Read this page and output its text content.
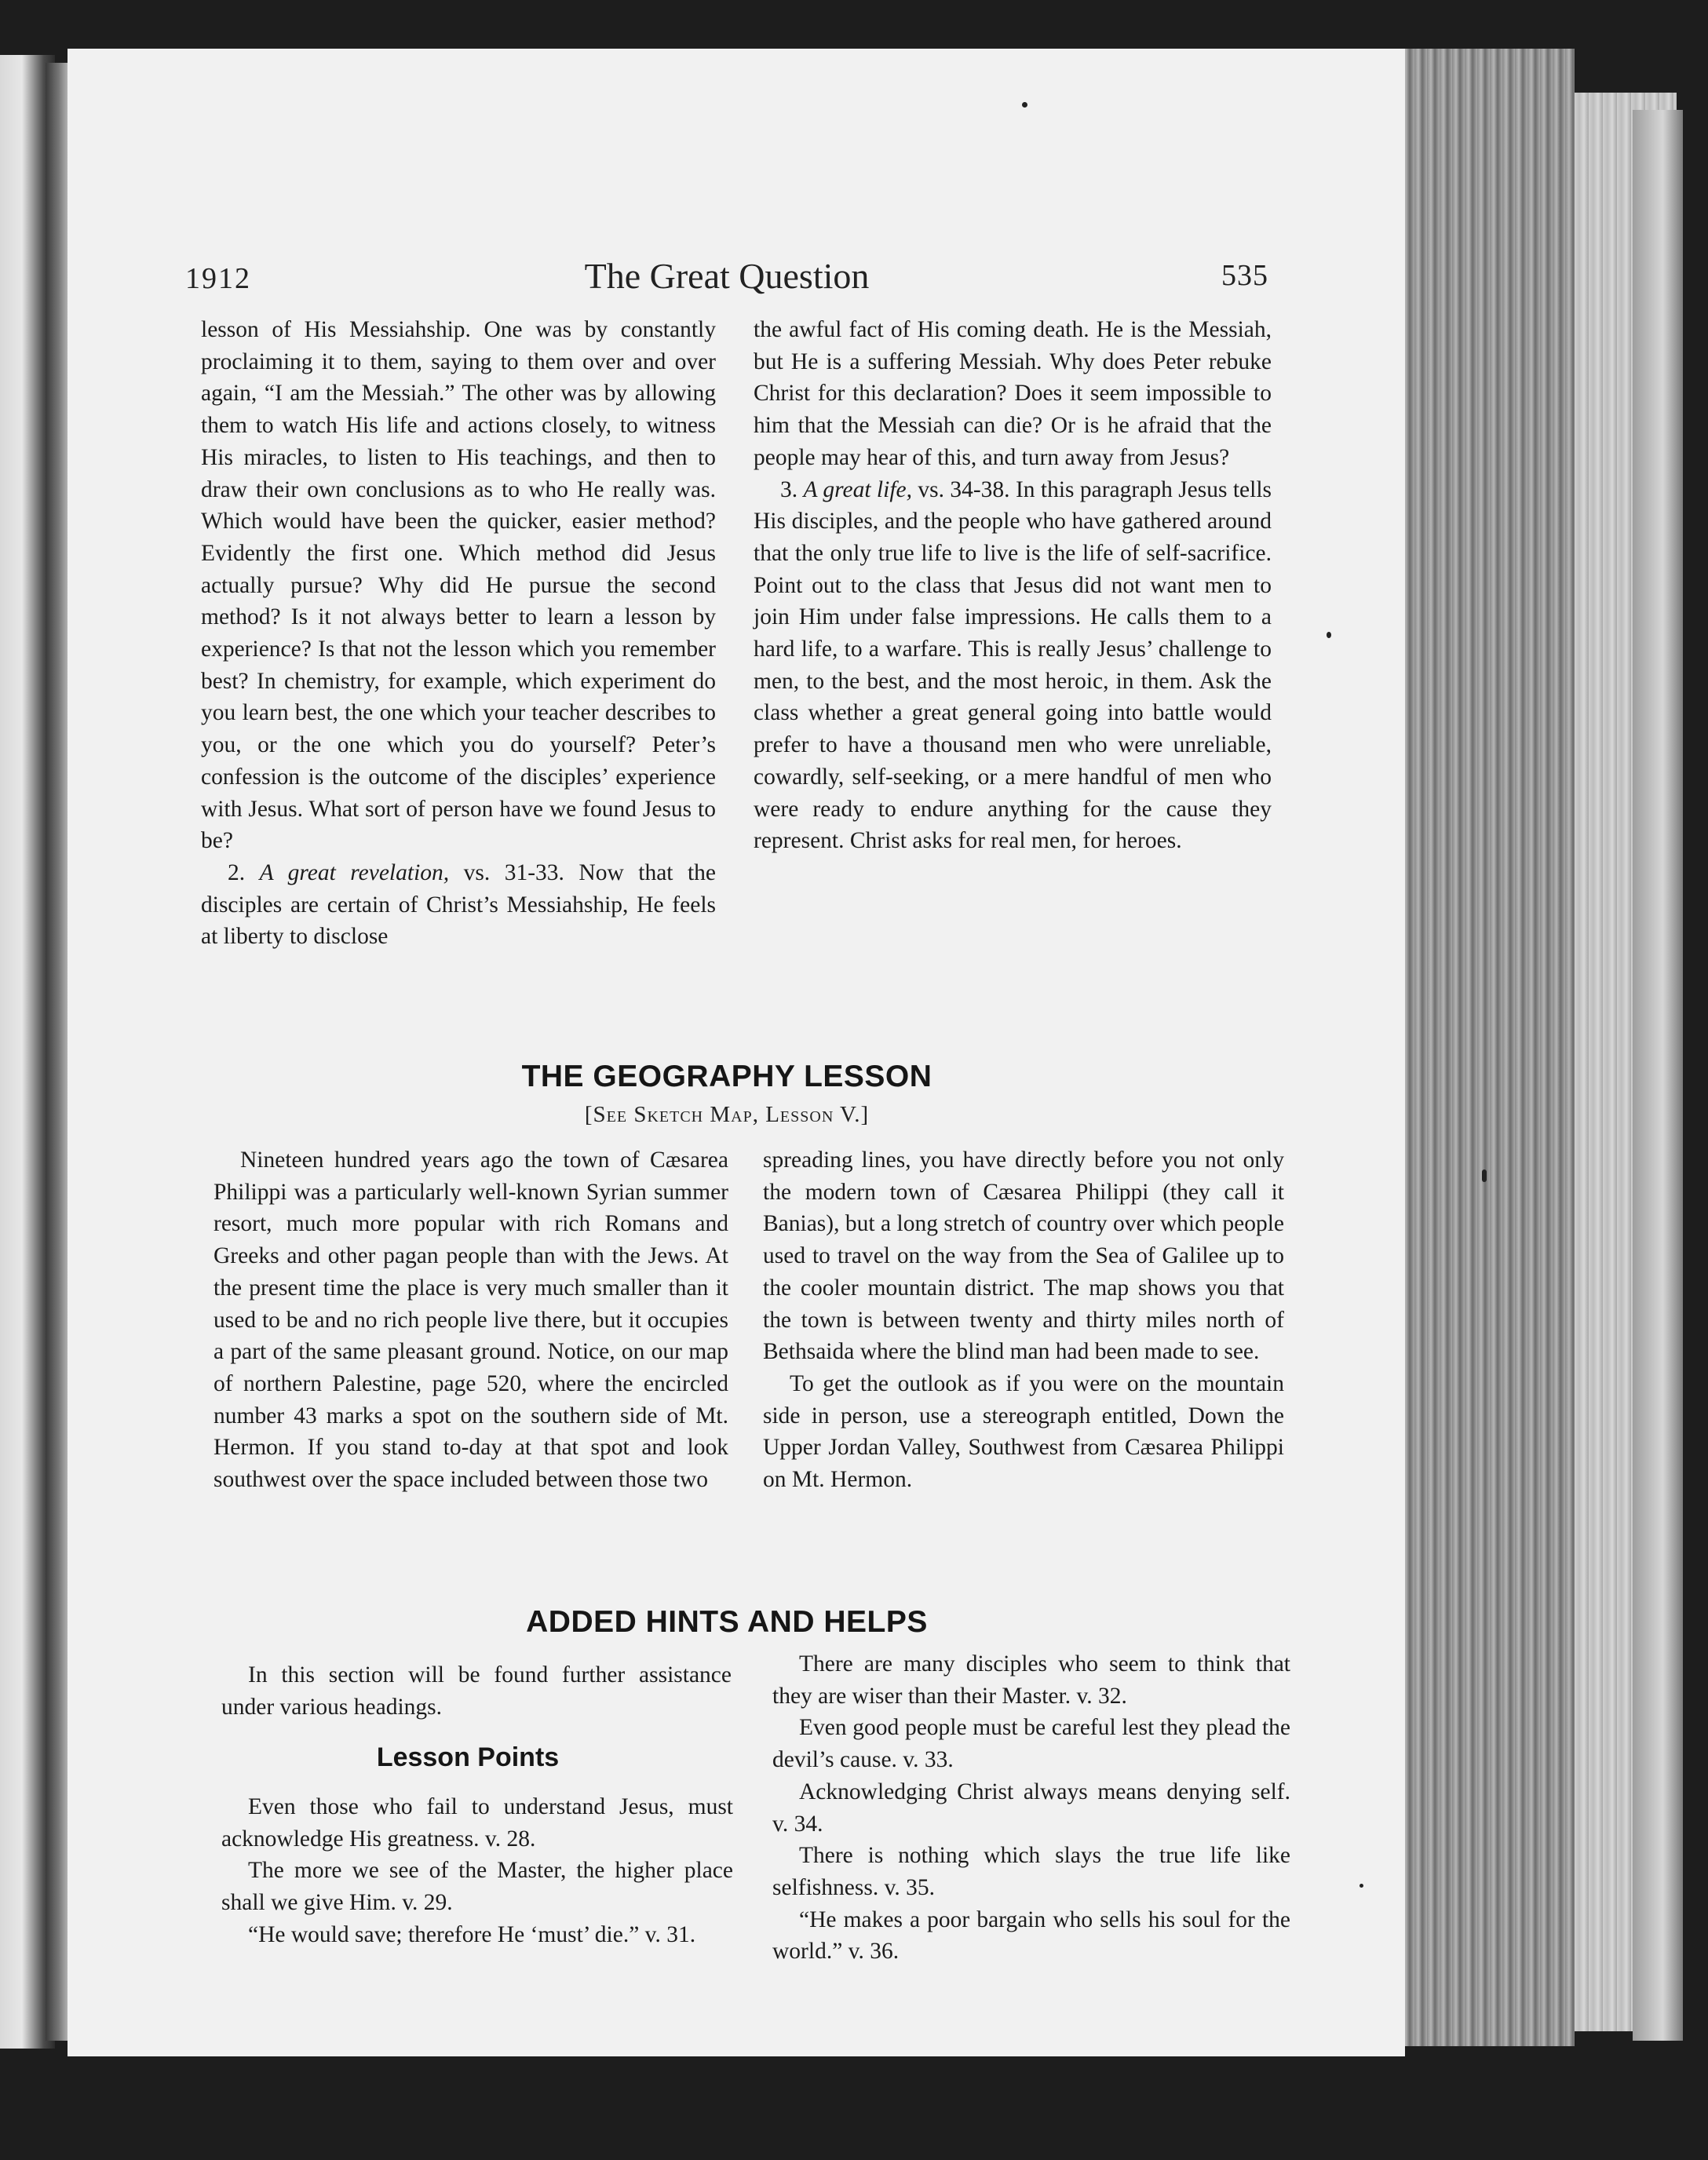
1912	The Great Question	535

lesson of His Messiahship. One was by constantly proclaiming it to them, saying to them over and over again, “I am the Messiah.” The other was by allowing them to watch His life and actions closely, to witness His miracles, to listen to His teachings, and then to draw their own conclusions as to who He really was. Which would have been the quicker, easier method? Evidently the first one. Which method did Jesus actually pursue? Why did He pursue the second method? Is it not always better to learn a lesson by experience? Is that not the lesson which you remember best? In chemistry, for example, which experiment do you learn best, the one which your teacher describes to you, or the one which you do yourself? Peter’s confession is the outcome of the disciples’ experience with Jesus. What sort of person have we found Jesus to be?

2. A great revelation, vs. 31-33. Now that the disciples are certain of Christ’s Messiahship, He feels at liberty to disclose

the awful fact of His coming death. He is the Messiah, but He is a suffering Messiah. Why does Peter rebuke Christ for this declaration? Does it seem impossible to him that the Messiah can die? Or is he afraid that the people may hear of this, and turn away from Jesus?

3. A great life, vs. 34-38. In this paragraph Jesus tells His disciples, and the people who have gathered around that the only true life to live is the life of self-sacrifice. Point out to the class that Jesus did not want men to join Him under false impressions. He calls them to a hard life, to a warfare. This is really Jesus’ challenge to men, to the best, and the most heroic, in them. Ask the class whether a great general going into battle would prefer to have a thousand men who were unreliable, cowardly, self-seeking, or a mere handful of men who were ready to endure anything for the cause they represent. Christ asks for real men, for heroes.

THE GEOGRAPHY LESSON
[See Sketch Map, Lesson V.]

Nineteen hundred years ago the town of Cæsarea Philippi was a particularly well-known Syrian summer resort, much more popular with rich Romans and Greeks and other pagan people than with the Jews. At the present time the place is very much smaller than it used to be and no rich people live there, but it occupies a part of the same pleasant ground. Notice, on our map of northern Palestine, page 520, where the encircled number 43 marks a spot on the southern side of Mt. Hermon. If you stand to-day at that spot and look southwest over the space included between those two

spreading lines, you have directly before you not only the modern town of Cæsarea Philippi (they call it Banias), but a long stretch of country over which people used to travel on the way from the Sea of Galilee up to the cooler mountain district. The map shows you that the town is between twenty and thirty miles north of Bethsaida where the blind man had been made to see.

To get the outlook as if you were on the mountain side in person, use a stereograph entitled, Down the Upper Jordan Valley, Southwest from Cæsarea Philippi on Mt. Hermon.

ADDED HINTS AND HELPS

In this section will be found further assistance under various headings.

Lesson Points

Even those who fail to understand Jesus, must acknowledge His greatness. v. 28.

The more we see of the Master, the higher place shall we give Him. v. 29.

“He would save; therefore He ‘must’ die.” v. 31.

There are many disciples who seem to think that they are wiser than their Master. v. 32.

Even good people must be careful lest they plead the devil’s cause. v. 33.

Acknowledging Christ always means denying self. v. 34.

There is nothing which slays the true life like selfishness. v. 35.

“He makes a poor bargain who sells his soul for the world.” v. 36.
